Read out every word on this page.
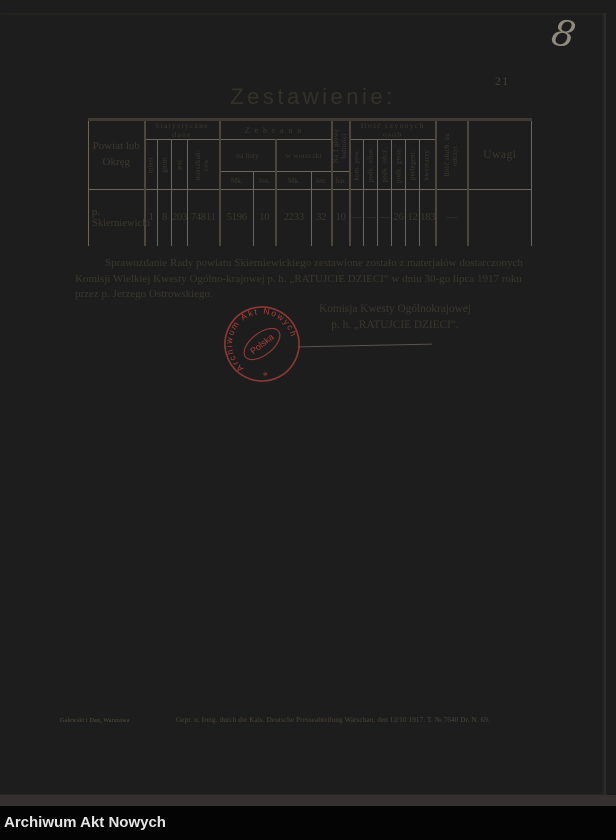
8
21
Zestawienie:
Powiat lub Okręg	Statystyczne dane				Zebrano				Na 1 głowę ludności	Ilość czynnych osób						Ilość słuch. na odczyt.	Uwagi

	miast	gmin	wsi	mieszkań-ców	na listy		w woreczki			kom. pow.	podk. ofiar.	podk. odcz.	podk. gmin.	prelegent.	kwestarzy		

					Mk.	fen.	Mk.	fen.	fen.								
p. Skierniewicki	1	8	203	74811	5196	10	2233	32	10	—	—	—	26	12	183	—	
Sprawozdanie Rady powiatu Skierniewickiego zestawione zostało z materjałów dostarczonych
Komisji Wielkiej Kwesty Ogólno-krajowej p. h. „RATUJCIE DZIECI“ w dniu 30-go lipca 1917 roku
przez p. Jerzego Ostrowskiego.
Komisja Kwesty Ogólnokrajowej
p. h. „RATUJCIE DZIECI“.
Archiwum Akt Nowych
Polska
✳
Galewski i Dau, Warszawa	Gepr. u. freig. durch die Kais. Deutsche Presseabteilung Warschau, den 12/10 1917. T. № 7640 Dr. N. 69.
Archiwum Akt Nowych
